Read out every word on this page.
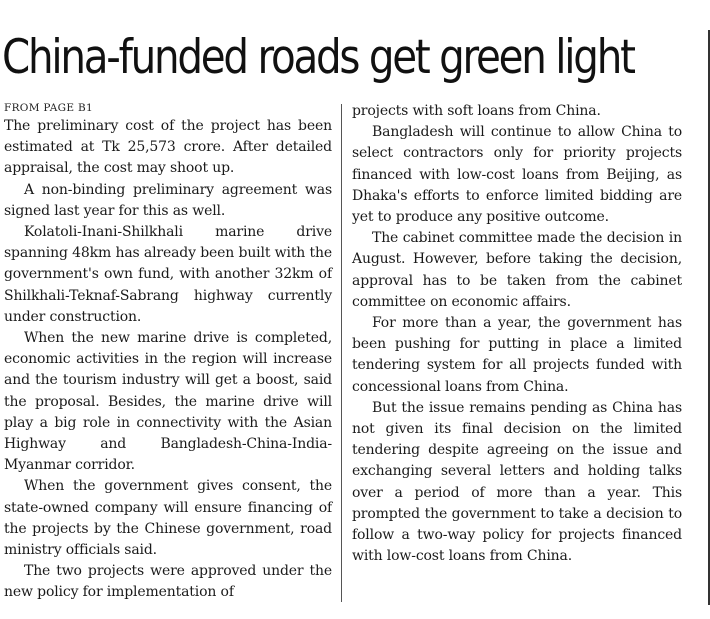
China-funded roads get green light
FROM PAGE B1

The preliminary cost of the project has been estimated at Tk 25,573 crore. After detailed appraisal, the cost may shoot up.

A non-binding preliminary agreement was signed last year for this as well.

Kolatoli-Inani-Shilkhali marine drive spanning 48km has already been built with the government's own fund, with another 32km of Shilkhali-Teknaf-Sabrang highway currently under construction.

When the new marine drive is completed, economic activities in the region will increase and the tourism industry will get a boost, said the proposal. Besides, the marine drive will play a big role in connectivity with the Asian Highway and Bangladesh-China-India-Myanmar corridor.

When the government gives consent, the state-owned company will ensure financing of the projects by the Chinese government, road ministry officials said.

The two projects were approved under the new policy for implementation of

projects with soft loans from China.

Bangladesh will continue to allow China to select contractors only for priority projects financed with low-cost loans from Beijing, as Dhaka's efforts to enforce limited bidding are yet to produce any positive outcome.

The cabinet committee made the decision in August. However, before taking the decision, approval has to be taken from the cabinet committee on economic affairs.

For more than a year, the government has been pushing for putting in place a limited tendering system for all projects funded with concessional loans from China.

But the issue remains pending as China has not given its final decision on the limited tendering despite agreeing on the issue and exchanging several letters and holding talks over a period of more than a year. This prompted the government to take a decision to follow a two-way policy for projects financed with low-cost loans from China.
